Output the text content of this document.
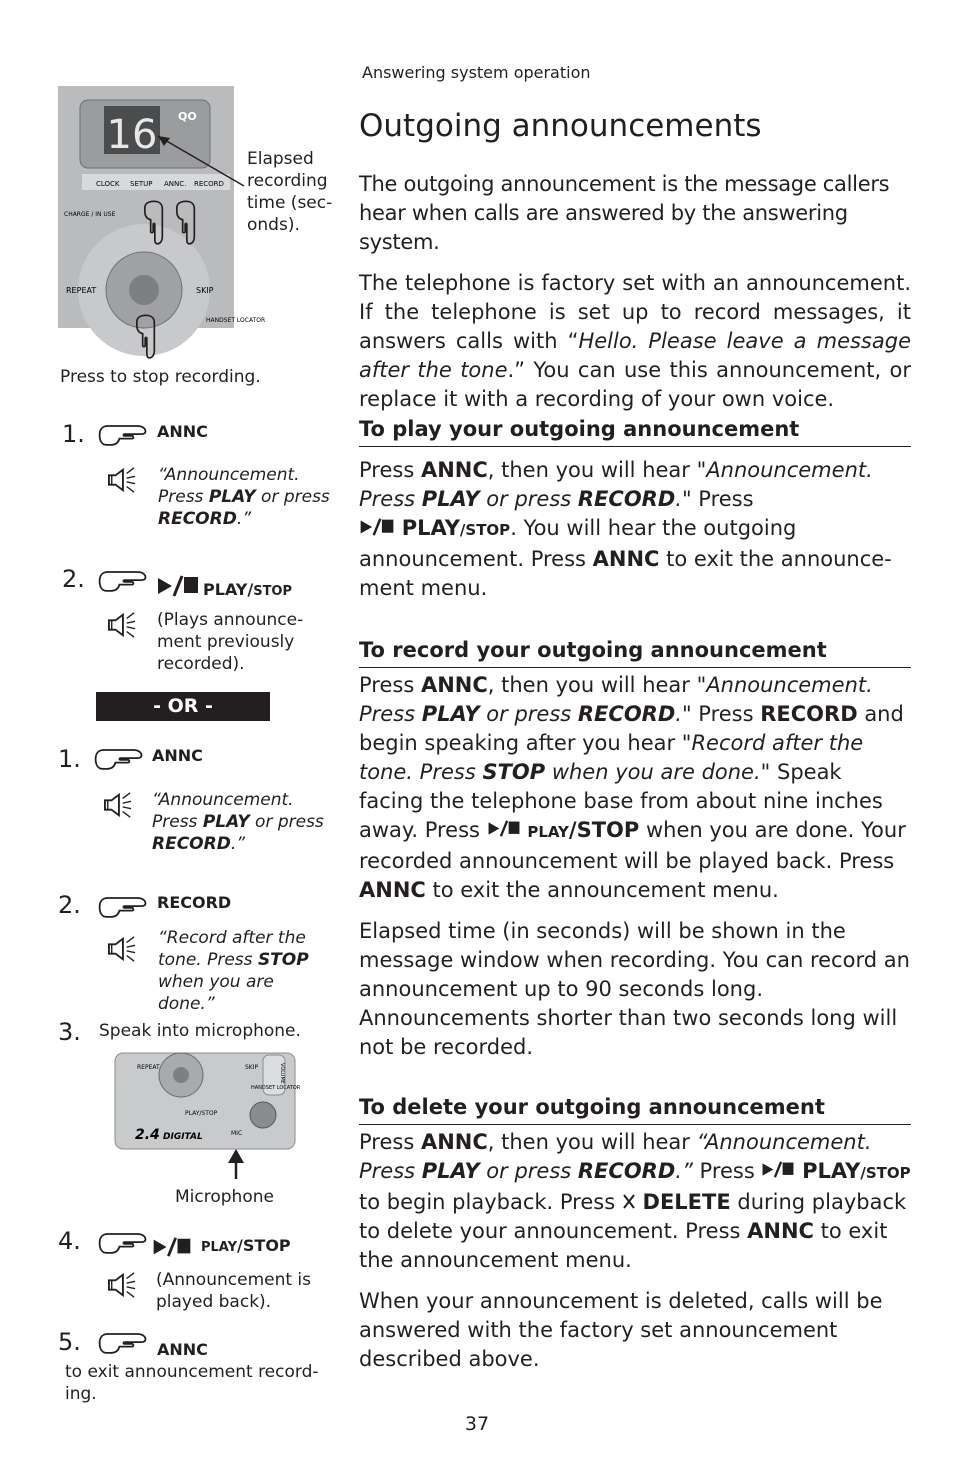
Answering system operation
Outgoing announcements

The outgoing announcement is the message callers hear when calls are answered by the answering system.

The telephone is factory set with an announcement. If the telephone is set up to record messages, it answers calls with “Hello. Please leave a message after the tone.” You can use this announcement, or replace it with a recording of your own voice.

To play your outgoing announcement

Press ANNC, then you will hear "Announcement. Press PLAY or press RECORD." Press
PLAY/STOP. You will hear the outgoing announcement. Press ANNC to exit the announce-ment menu.

To record your outgoing announcement

Press ANNC, then you will hear "Announcement. Press PLAY or press RECORD." Press RECORD and begin speaking after you hear "Record after the tone. Press STOP when you are done." Speak facing the telephone base from about nine inches away. Press	PLAY/STOP when you are done. Your recorded announcement will be played back. Press ANNC to exit the announcement menu.

Elapsed time (in seconds) will be shown in the message window when recording. You can record an announcement up to 90 seconds long. Announcements shorter than two seconds long will not be recorded.

To delete your outgoing announcement

Press ANNC, then you will hear “Announcement. Press PLAY or press RECORD.” Press  PLAY/STOP
to begin playback. Press  DELETE during playback to delete your announcement. Press ANNC to exit the announcement menu.

When your announcement is deleted, calls will be answered with the factory set announcement described above.

16 QO
CLOCK SETUP ANNC. RECORD
CHARGE / IN USE
REPEAT	SKIP
HANDSET LOCATOR
Elapsed recording time (sec-onds).
Press to stop recording.
1.	ANNC
“Announcement. Press PLAY or press RECORD.”
2.	PLAY/STOP
(Plays announce-ment previously recorded).
- OR -
1.	ANNC
“Announcement. Press PLAY or press RECORD.”
2.	RECORD
“Record after the tone. Press STOP when you are done.”
3. Speak into microphone.
REPEAT	SKIP	VOLUME
PLAY/STOP
HANDSET LOCATOR
2.4 DIGITAL	MIC
Microphone
4.	PLAY/STOP
(Announcement is played back).
5.	ANNC
to exit announcement record-ing.
37
